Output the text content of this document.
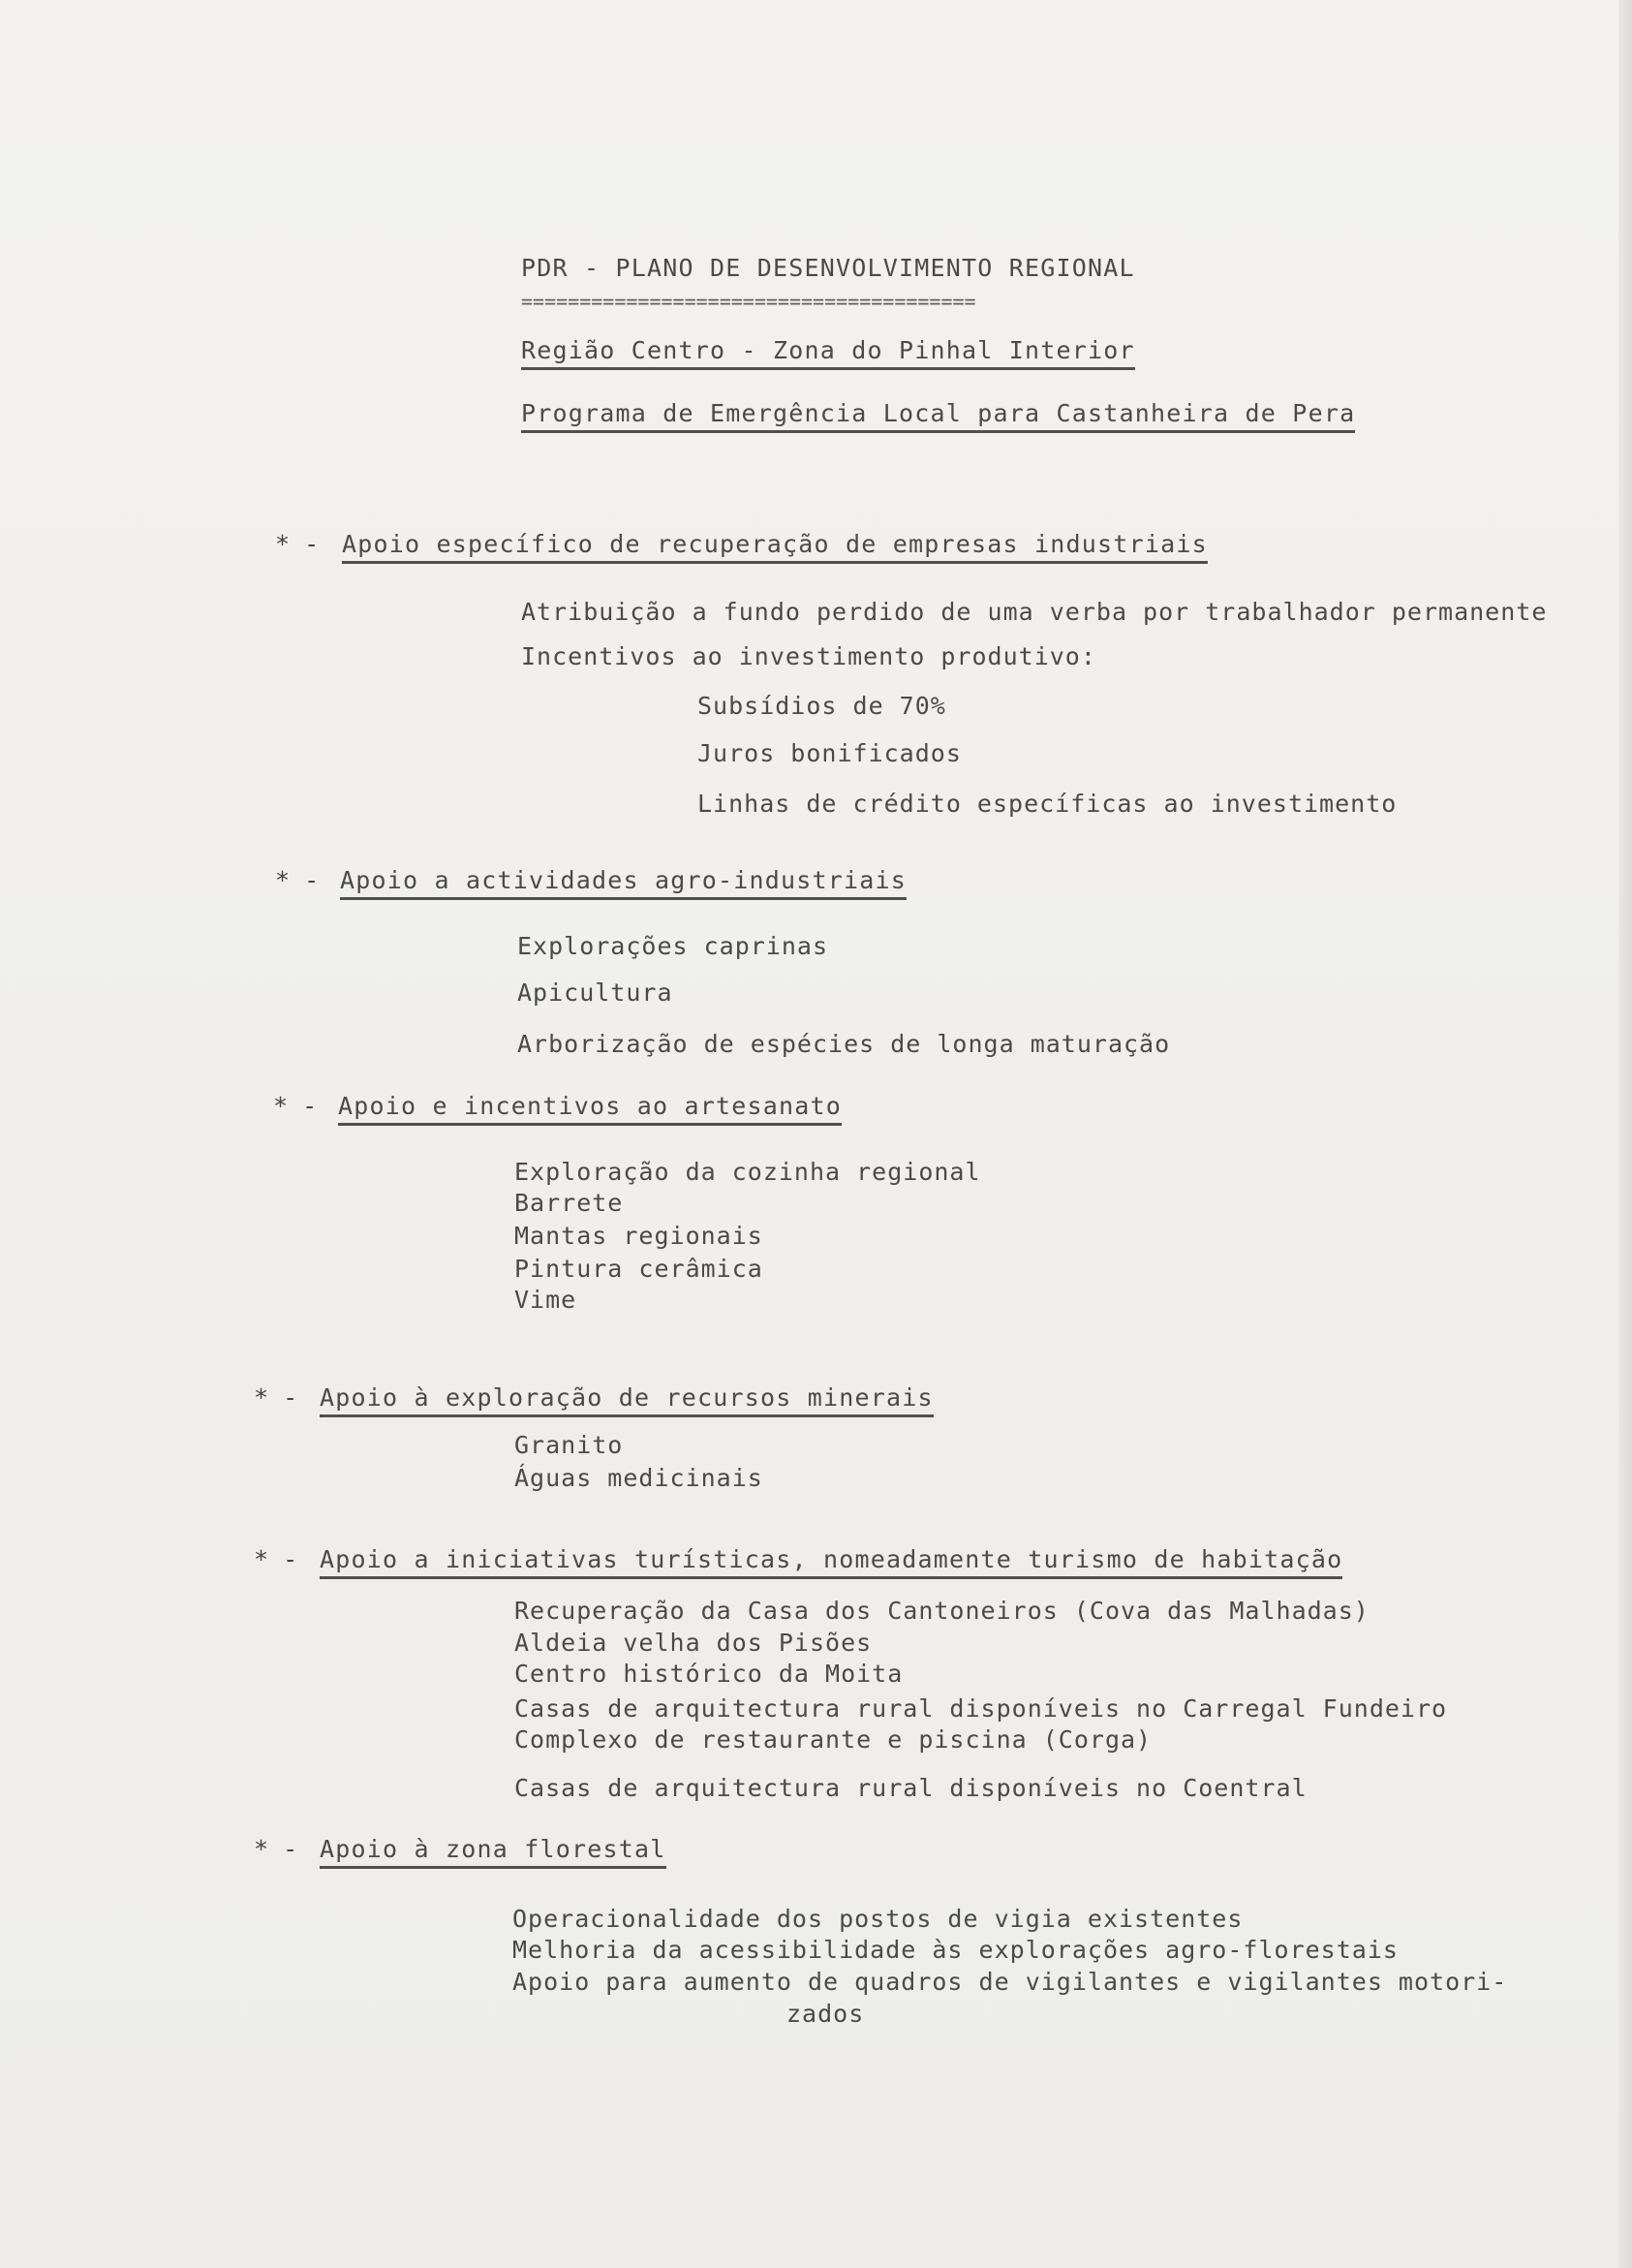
PDR - PLANO DE DESENVOLVIMENTO REGIONAL
=======================================
Região Centro - Zona do Pinhal Interior
Programa de Emergência Local para Castanheira de Pera
* - Apoio específico de recuperação de empresas industriais
Atribuição a fundo perdido de uma verba por trabalhador permanente
Incentivos ao investimento produtivo:
Subsídios de 70%
Juros bonificados
Linhas de crédito específicas ao investimento
* - Apoio a actividades agro-industriais
Explorações caprinas
Apicultura
Arborização de espécies de longa maturação
* - Apoio e incentivos ao artesanato
Exploração da cozinha regional
Barrete
Mantas regionais
Pintura cerâmica
Vime
* - Apoio à exploração de recursos minerais
Granito
Águas medicinais
* - Apoio a iniciativas turísticas, nomeadamente turismo de habitação
Recuperação da Casa dos Cantoneiros (Cova das Malhadas)
Aldeia velha dos Pisões
Centro histórico da Moita
Casas de arquitectura rural disponíveis no Carregal Fundeiro
Complexo de restaurante e piscina (Corga)
Casas de arquitectura rural disponíveis no Coentral
* - Apoio à zona florestal
Operacionalidade dos postos de vigia existentes
Melhoria da acessibilidade às explorações agro-florestais
Apoio para aumento de quadros de vigilantes e vigilantes motori-
zados
